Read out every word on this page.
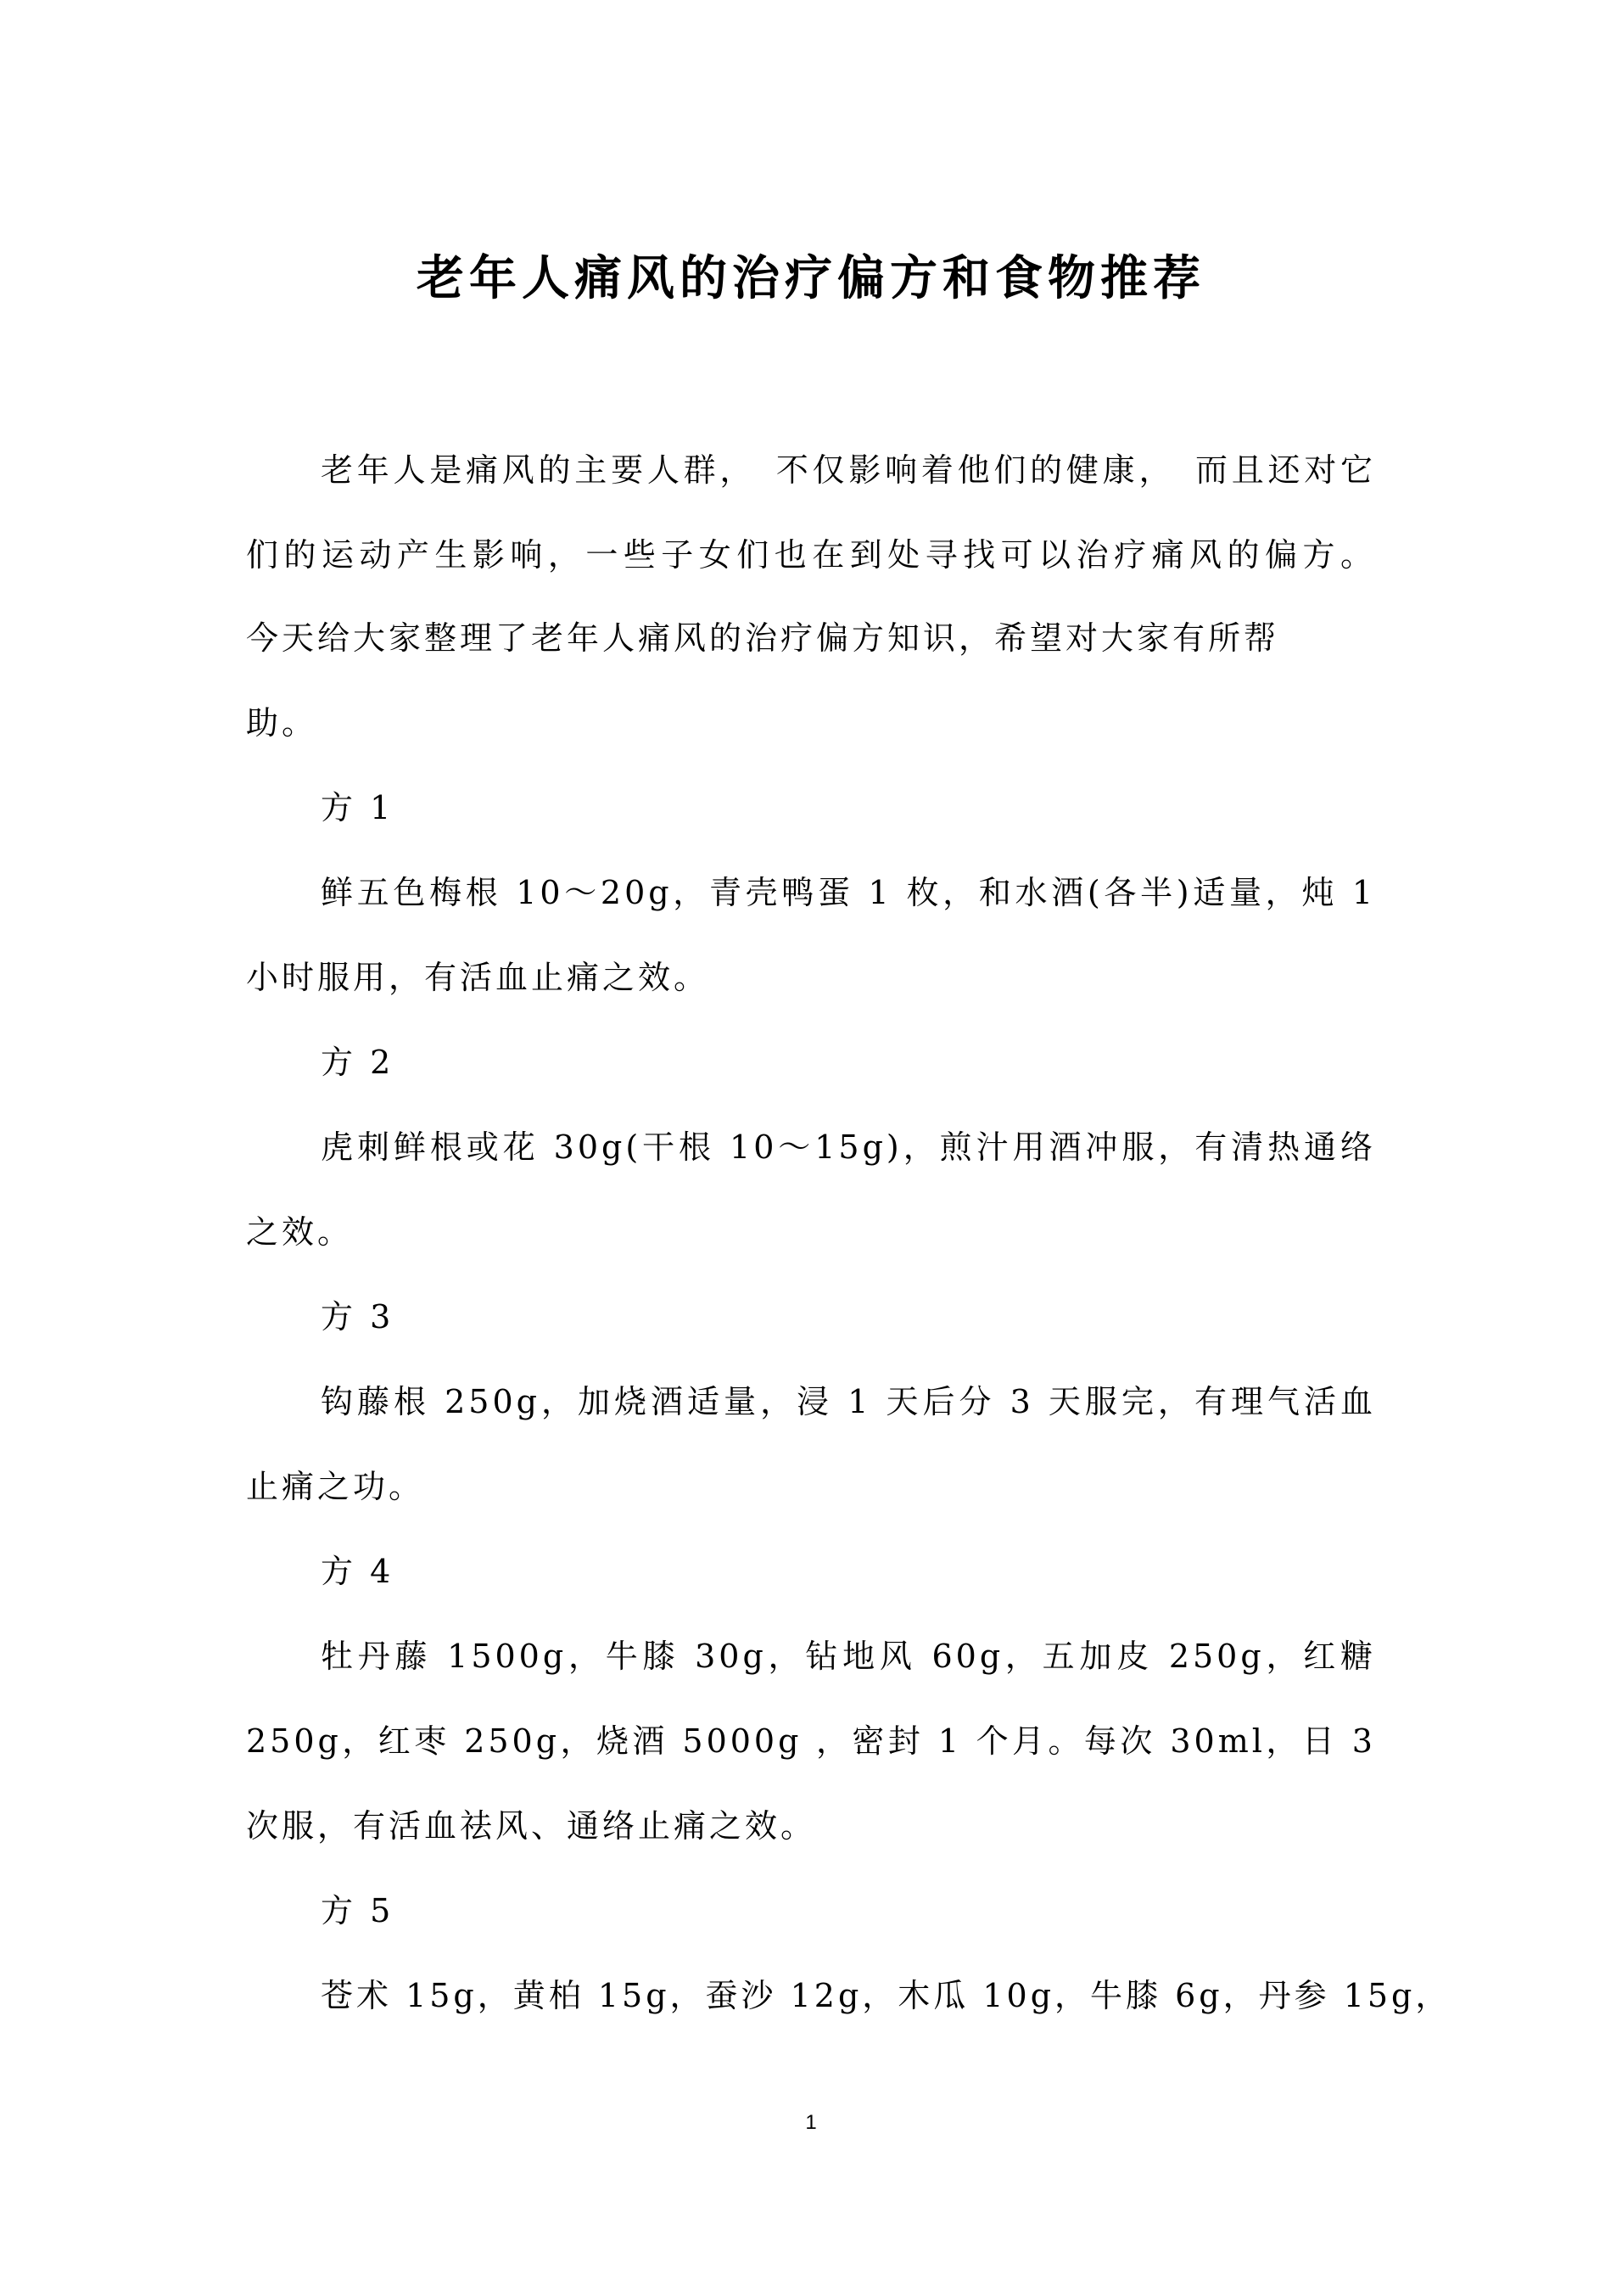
老年人痛风的治疗偏方和食物推荐
老年人是痛风的主要人群，　不仅影响着他们的健康，　而且还对它
们的运动产生影响，一些子女们也在到处寻找可以治疗痛风的偏方。
今天给大家整理了老年人痛风的治疗偏方知识，希望对大家有所帮
助。
方 1
鲜五色梅根 10～20g，青壳鸭蛋 1 枚，和水酒(各半)适量，炖 1
小时服用，有活血止痛之效。
方 2
虎刺鲜根或花 30g(干根 10～15g)，煎汁用酒冲服，有清热通络
之效。
方 3
钩藤根 250g，加烧酒适量，浸 1 天后分 3 天服完，有理气活血
止痛之功。
方 4
牡丹藤 1500g，牛膝 30g，钻地风 60g，五加皮 250g，红糖
250g，红枣 250g，烧酒 5000g ，密封 1 个月。每次 30ml，日 3
次服，有活血祛风、通络止痛之效。
方 5
苍术 15g，黄柏 15g，蚕沙 12g，木瓜 10g，牛膝 6g，丹参 15g，
1
